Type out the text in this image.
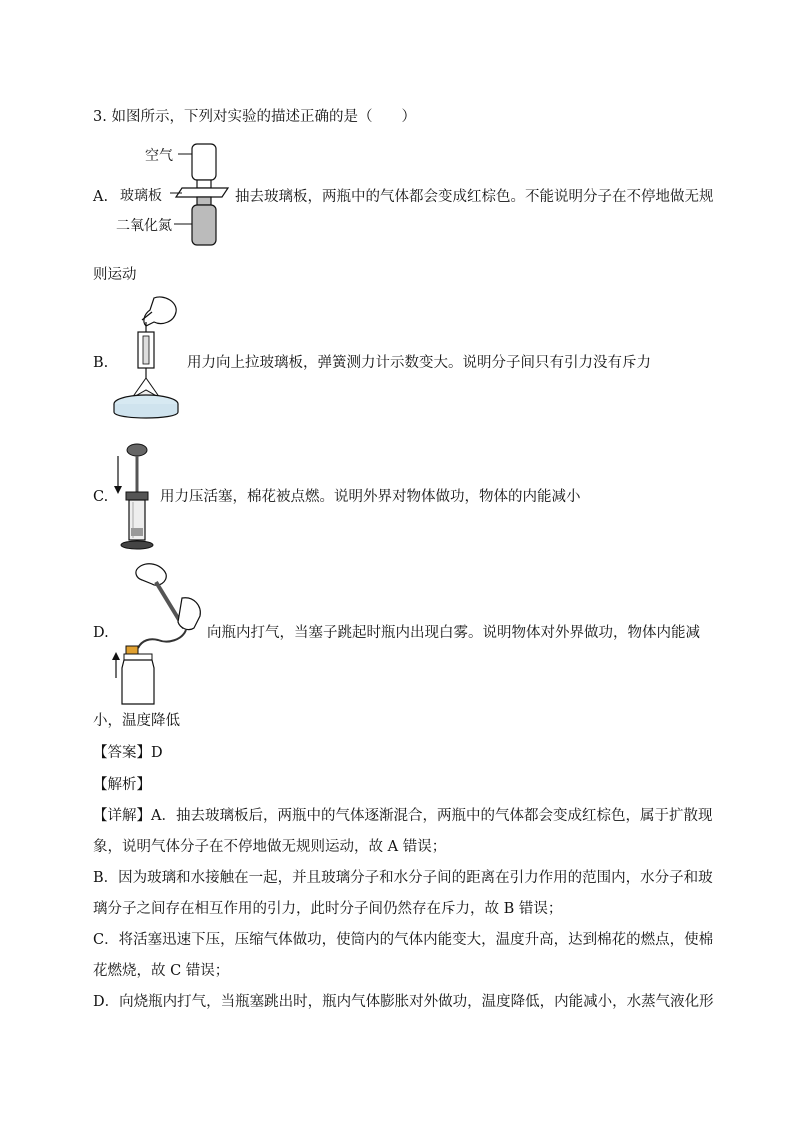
3. 如图所示，下列对实验的描述正确的是（　　）
A.
空气
玻璃板
二氧化氮
抽去玻璃板，两瓶中的气体都会变成红棕色。不能说明分子在不停地做无规
则运动
B.	用力向上拉玻璃板，弹簧测力计示数变大。说明分子间只有引力没有斥力
C.	用力压活塞，棉花被点燃。说明外界对物体做功，物体的内能减小
D.	向瓶内打气，当塞子跳起时瓶内出现白雾。说明物体对外界做功，物体内能减
小，温度降低
【答案】D
【解析】
【详解】A．抽去玻璃板后，两瓶中的气体逐渐混合，两瓶中的气体都会变成红棕色，属于扩散现
象，说明气体分子在不停地做无规则运动，故 A 错误；
B．因为玻璃和水接触在一起，并且玻璃分子和水分子间的距离在引力作用的范围内，水分子和玻
璃分子之间存在相互作用的引力，此时分子间仍然存在斥力，故 B 错误；
C．将活塞迅速下压，压缩气体做功，使筒内的气体内能变大，温度升高，达到棉花的燃点，使棉
花燃烧，故 C 错误；
D．向烧瓶内打气，当瓶塞跳出时，瓶内气体膨胀对外做功，温度降低，内能减小，水蒸气液化形
